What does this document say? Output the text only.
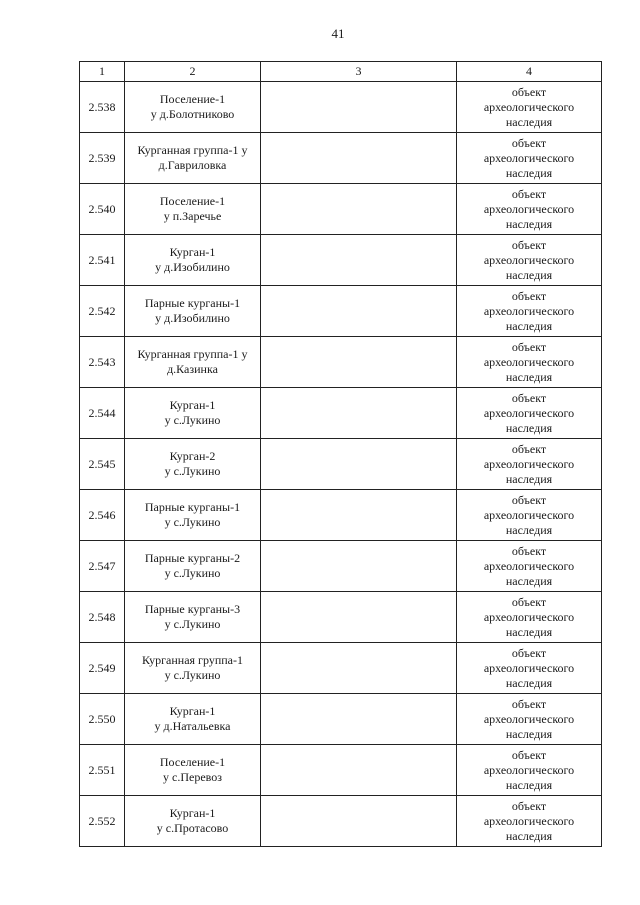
41
1	2	3	4
2.538	Поселение-1
у д.Болотниково		объект
археологического
наследия
2.539	Курганная группа-1 у
д.Гавриловка		объект
археологического
наследия
2.540	Поселение-1
у п.Заречье		объект
археологического
наследия
2.541	Курган-1
у д.Изобилино		объект
археологического
наследия
2.542	Парные курганы-1
у д.Изобилино		объект
археологического
наследия
2.543	Курганная группа-1 у
д.Казинка		объект
археологического
наследия
2.544	Курган-1
у с.Лукино		объект
археологического
наследия
2.545	Курган-2
у с.Лукино		объект
археологического
наследия
2.546	Парные курганы-1
у с.Лукино		объект
археологического
наследия
2.547	Парные курганы-2
у с.Лукино		объект
археологического
наследия
2.548	Парные курганы-3
у с.Лукино		объект
археологического
наследия
2.549	Курганная группа-1
у с.Лукино		объект
археологического
наследия
2.550	Курган-1
у д.Натальевка		объект
археологического
наследия
2.551	Поселение-1
у с.Перевоз		объект
археологического
наследия
2.552	Курган-1
у с.Протасово		объект
археологического
наследия
